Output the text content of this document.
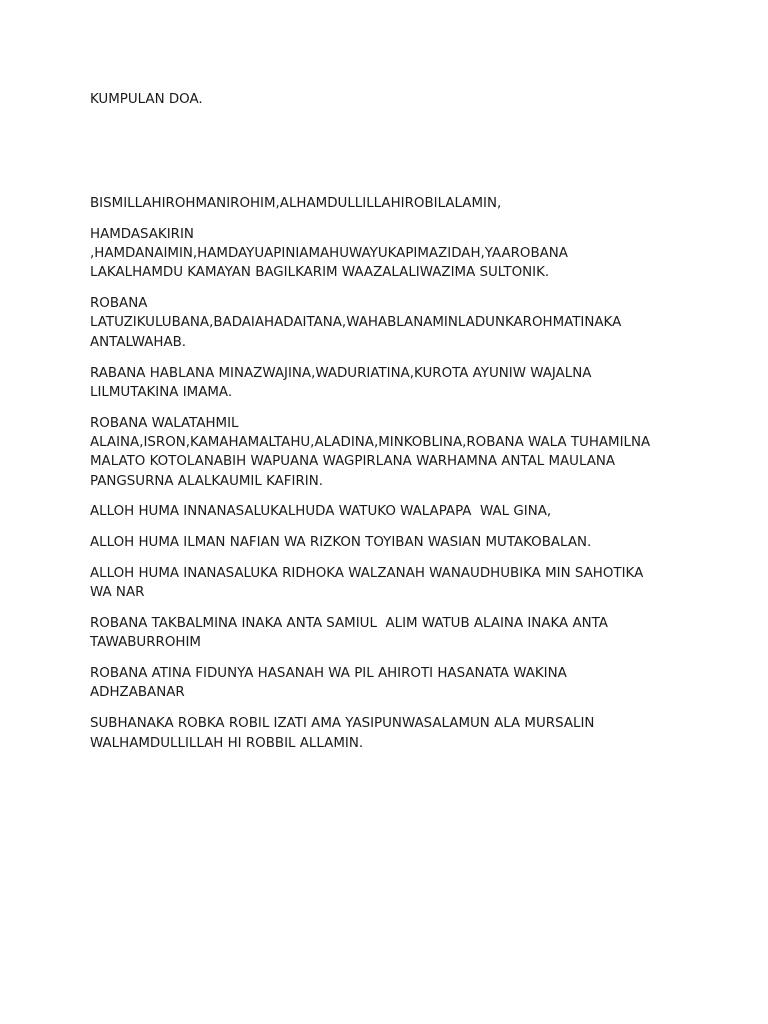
KUMPULAN DOA.

BISMILLAHIROHMANIROHIM,ALHAMDULLILLAHIROBILALAMIN,

HAMDASAKIRIN
,HAMDANAIMIN,HAMDAYUAPINIAMAHUWAYUKAPIMAZIDAH,YAAROBANA
LAKALHAMDU KAMAYAN BAGILKARIM WAAZALALIWAZIMA SULTONIK.

ROBANA
LATUZIKULUBANA,BADAIAHADAITANA,WAHABLANAMINLADUNKAROHMATINAKA
ANTALWAHAB.

RABANA HABLANA MINAZWAJINA,WADURIATINA,KUROTA AYUNIW WAJALNA
LILMUTAKINA IMAMA.

ROBANA WALATAHMIL
ALAINA,ISRON,KAMAHAMALTAHU,ALADINA,MINKOBLINA,ROBANA WALA TUHAMILNA
MALATO KOTOLANABIH WAPUANA WAGPIRLANA WARHAMNA ANTAL MAULANA
PANGSURNA ALALKAUMIL KAFIRIN.

ALLOH HUMA INNANASALUKALHUDA WATUKO WALAPAPA  WAL GINA,

ALLOH HUMA ILMAN NAFIAN WA RIZKON TOYIBAN WASIAN MUTAKOBALAN.

ALLOH HUMA INANASALUKA RIDHOKA WALZANAH WANAUDHUBIKA MIN SAHOTIKA
WA NAR

ROBANA TAKBALMINA INAKA ANTA SAMIUL  ALIM WATUB ALAINA INAKA ANTA
TAWABURROHIM

ROBANA ATINA FIDUNYA HASANAH WA PIL AHIROTI HASANATA WAKINA
ADHZABANAR

SUBHANAKA ROBKA ROBIL IZATI AMA YASIPUNWASALAMUN ALA MURSALIN
WALHAMDULLILLAH HI ROBBIL ALLAMIN.
